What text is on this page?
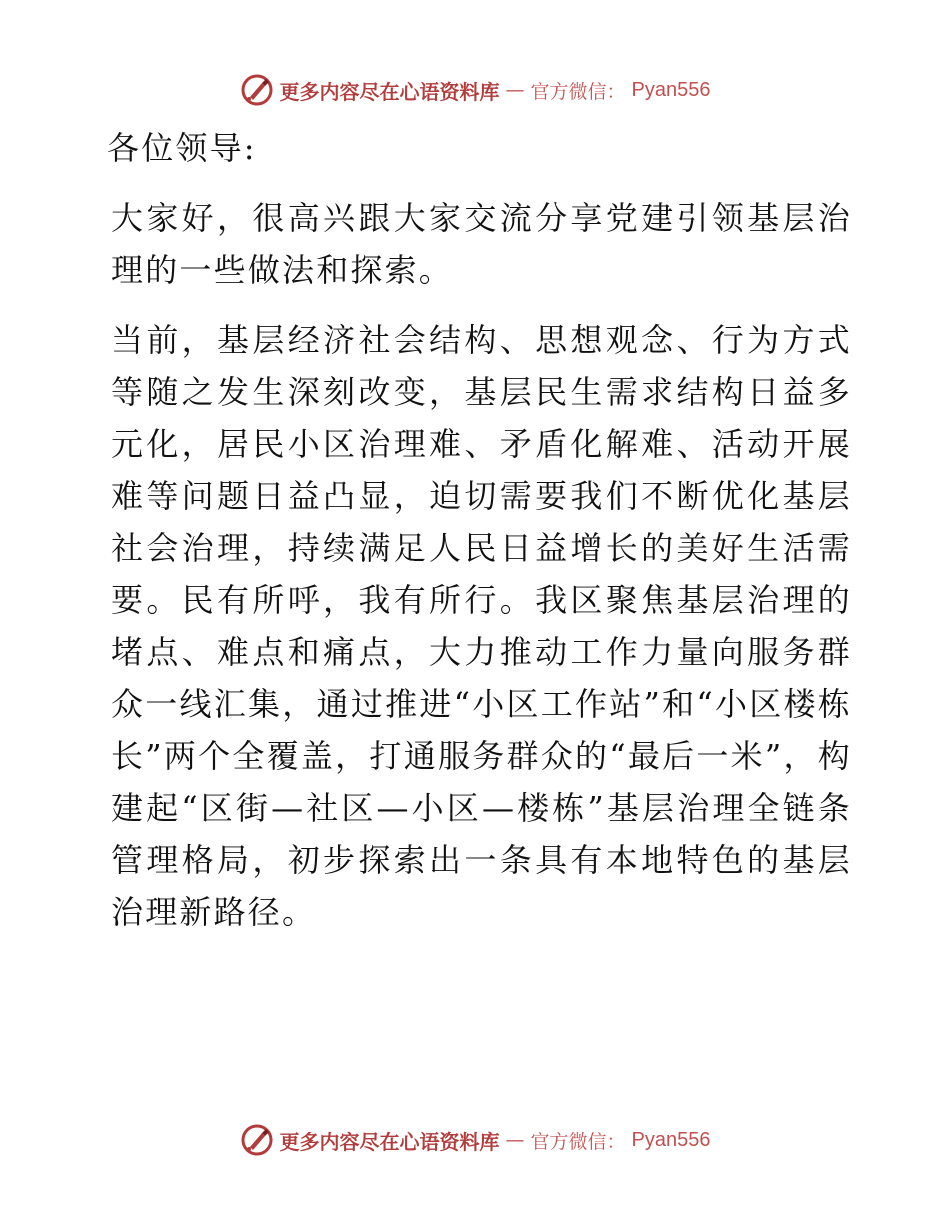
更多内容尽在心语资料库 — 官方微信： Pyan556

各位领导:

大家好，很高兴跟大家交流分享党建引领基层治理的一些做法和探索。

当前，基层经济社会结构、思想观念、行为方式等随之发生深刻改变，基层民生需求结构日益多元化，居民小区治理难、矛盾化解难、活动开展难等问题日益凸显，迫切需要我们不断优化基层社会治理，持续满足人民日益增长的美好生活需要。民有所呼，我有所行。我区聚焦基层治理的堵点、难点和痛点，大力推动工作力量向服务群众一线汇集，通过推进“小区工作站”和“小区楼栋长”两个全覆盖，打通服务群众的“最后一米”，构建起“区街—社区—小区—楼栋”基层治理全链条管理格局，初步探索出一条具有本地特色的基层治理新路径。

更多内容尽在心语资料库 — 官方微信： Pyan556
